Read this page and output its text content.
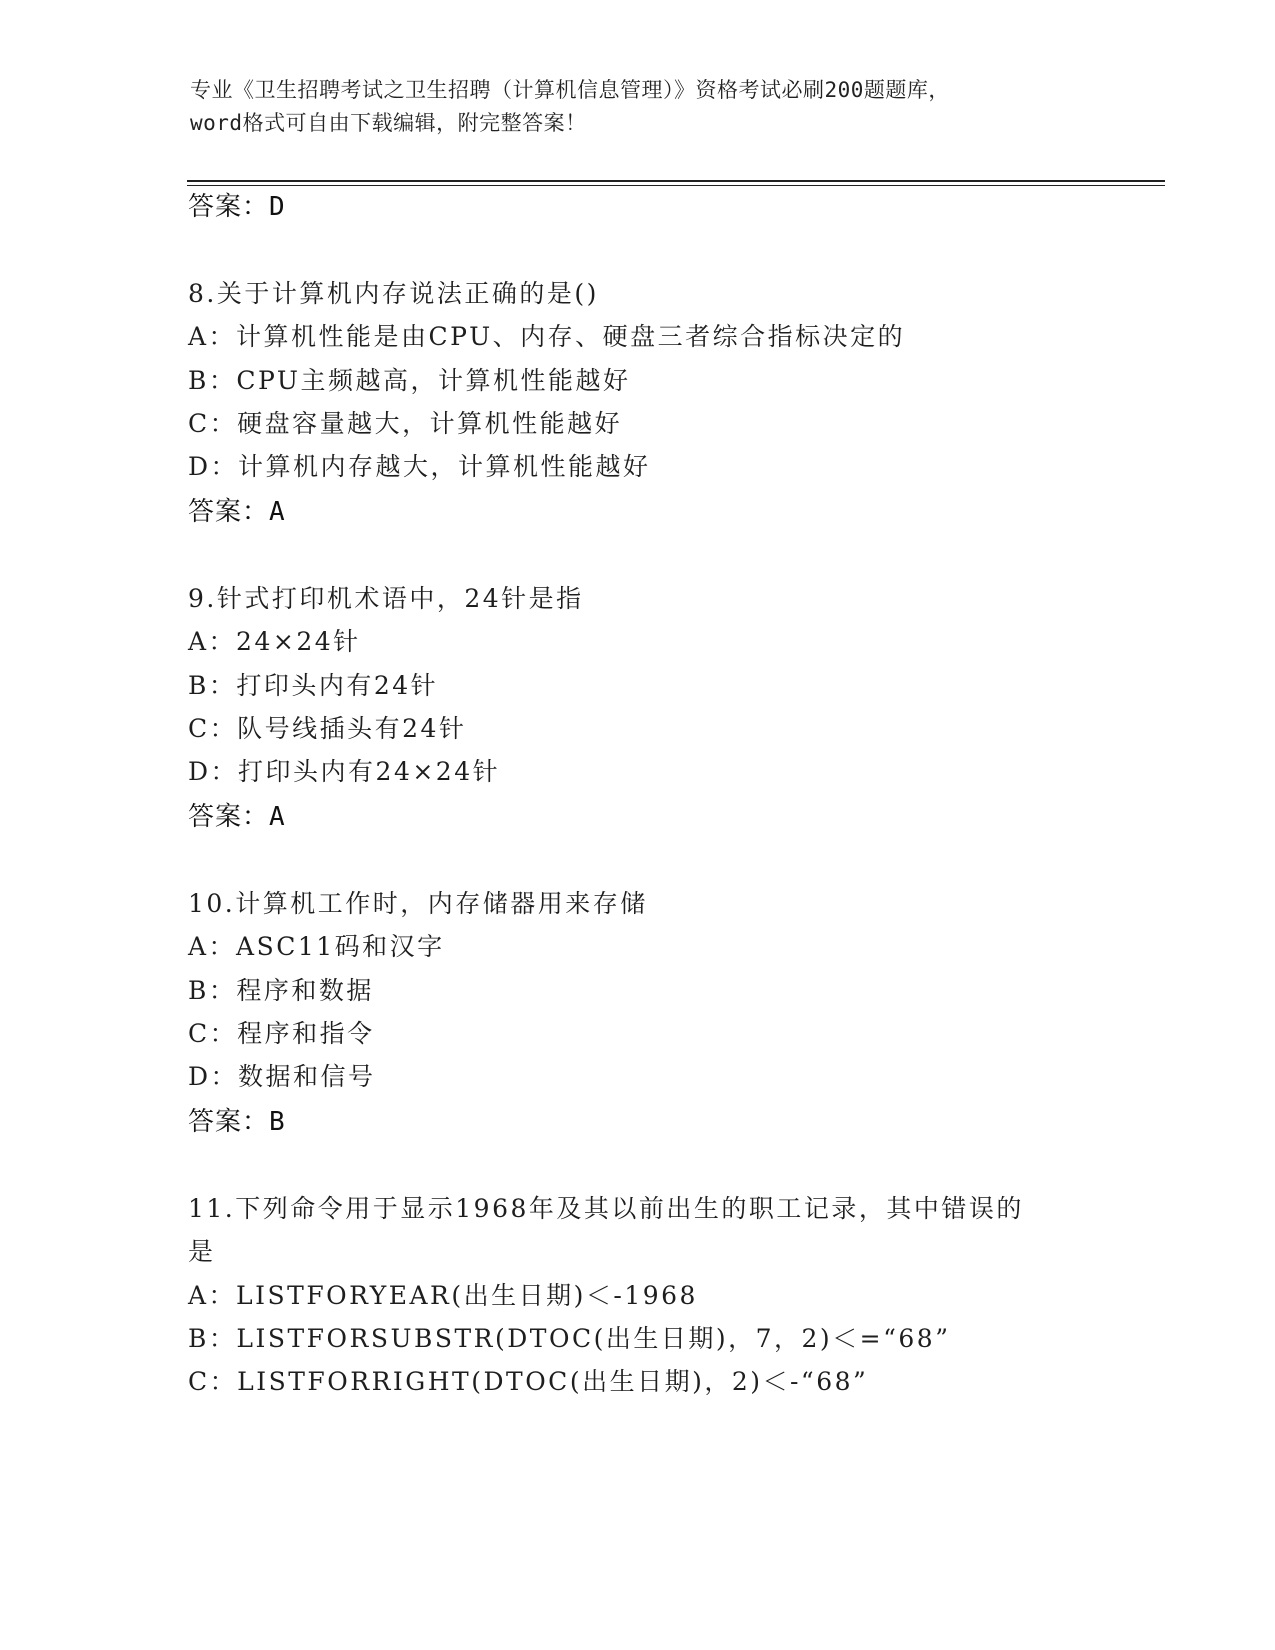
专业《卫生招聘考试之卫生招聘（计算机信息管理）》资格考试必刷200题题库，
word格式可自由下载编辑，附完整答案！
答案：D
8.关于计算机内存说法正确的是()
A：计算机性能是由CPU、内存、硬盘三者综合指标决定的
B：CPU主频越高，计算机性能越好
C：硬盘容量越大，计算机性能越好
D：计算机内存越大，计算机性能越好
答案：A
9.针式打印机术语中，24针是指
A：24×24针
B：打印头内有24针
C：队号线插头有24针
D：打印头内有24×24针
答案：A
10.计算机工作时，内存储器用来存储
A：ASC11码和汉字
B：程序和数据
C：程序和指令
D：数据和信号
答案：B
11.下列命令用于显示1968年及其以前出生的职工记录，其中错误的
是
A：LISTFORYEAR(出生日期)＜-1968
B：LISTFORSUBSTR(DTOC(出生日期)，7，2)＜=“68”
C：LISTFORRIGHT(DTOC(出生日期)，2)＜-“68”
